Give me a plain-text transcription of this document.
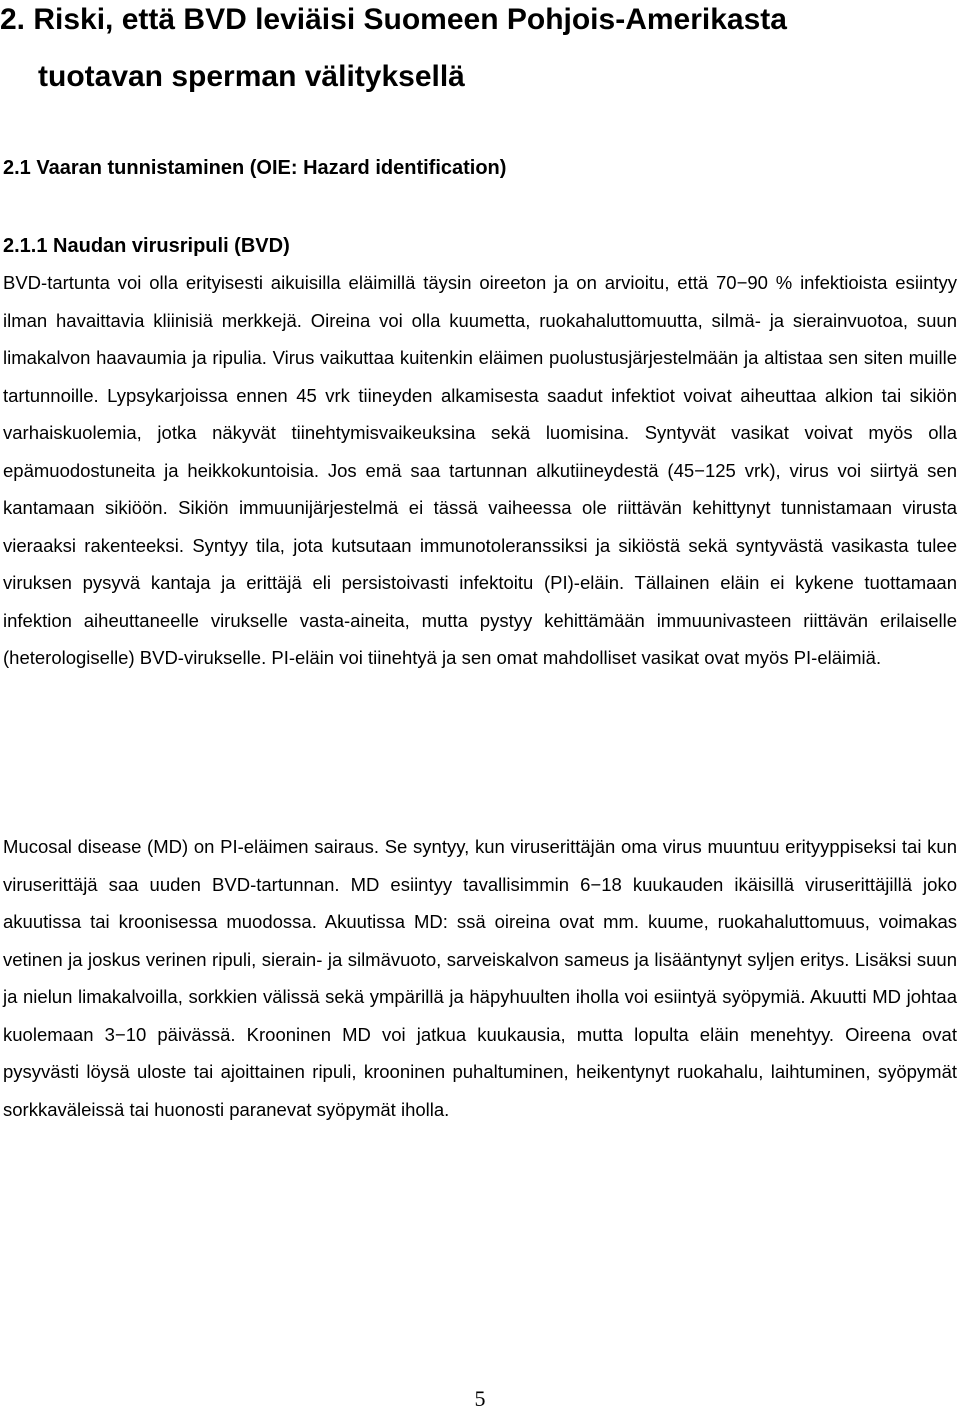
2. Riski, että BVD leviäisi Suomeen Pohjois-Amerikasta
tuotavan sperman välityksellä
2.1 Vaaran tunnistaminen (OIE: Hazard identification)
2.1.1 Naudan virusripuli (BVD)

BVD-tartunta voi olla erityisesti aikuisilla eläimillä täysin oireeton ja on arvioitu, että 70−90 % infektioista esiintyy ilman havaittavia kliinisiä merkkejä. Oireina voi olla kuumetta, ruokahaluttomuutta, silmä- ja sierainvuotoa, suun limakalvon haavaumia ja ripulia. Virus vaikuttaa kuitenkin eläimen puolustusjärjestelmään ja altistaa sen siten muille tartunnoille. Lypsykarjoissa ennen 45 vrk tiineyden alkamisesta saadut infektiot voivat aiheuttaa alkion tai sikiön varhaiskuolemia, jotka näkyvät tiinehtymisvaikeuksina sekä luomisina. Syntyvät vasikat voivat myös olla epämuodostuneita ja heikkokuntoisia. Jos emä saa tartunnan alkutiineydestä (45−125 vrk), virus voi siirtyä sen kantamaan sikiöön. Sikiön immuunijärjestelmä ei tässä vaiheessa ole riittävän kehittynyt tunnistamaan virusta vieraaksi rakenteeksi. Syntyy tila, jota kutsutaan immunotoleranssiksi ja sikiöstä sekä syntyvästä vasikasta tulee viruksen pysyvä kantaja ja erittäjä eli persistoivasti infektoitu (PI)-eläin. Tällainen eläin ei kykene tuottamaan infektion aiheuttaneelle virukselle vasta-aineita, mutta pystyy kehittämään immuunivasteen riittävän erilaiselle (heterologiselle) BVD-virukselle. PI-eläin voi tiinehtyä ja sen omat mahdolliset vasikat ovat myös PI-eläimiä.

Mucosal disease (MD) on PI-eläimen sairaus. Se syntyy, kun viruserittäjän oma virus muuntuu erityyppiseksi tai kun viruserittäjä saa uuden BVD-tartunnan. MD esiintyy tavallisimmin 6−18 kuukauden ikäisillä viruserittäjillä joko akuutissa tai kroonisessa muodossa. Akuutissa MD: ssä oireina ovat mm. kuume, ruokahaluttomuus, voimakas vetinen ja joskus verinen ripuli, sierain- ja silmävuoto, sarveiskalvon sameus ja lisääntynyt syljen eritys. Lisäksi suun ja nielun limakalvoilla, sorkkien välissä sekä ympärillä ja häpyhuulten iholla voi esiintyä syöpymiä. Akuutti MD johtaa kuolemaan 3−10 päivässä. Krooninen MD voi jatkua kuukausia, mutta lopulta eläin menehtyy. Oireena ovat pysyvästi löysä uloste tai ajoittainen ripuli, krooninen puhaltuminen, heikentynyt ruokahalu, laihtuminen, syöpymät sorkkaväleissä tai huonosti paranevat syöpymät iholla.

5
